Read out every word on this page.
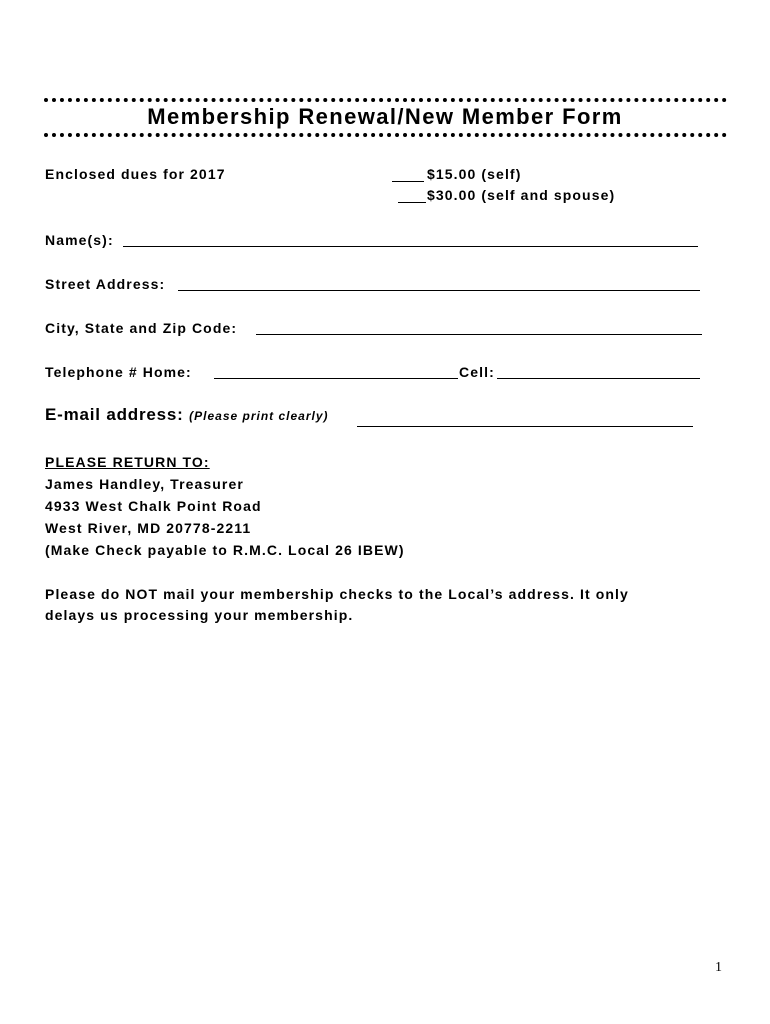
Membership Renewal/New Member Form
Enclosed dues for 2017	$15.00 (self)
$30.00 (self and spouse)
Name(s):
Street Address:
City, State and Zip Code:
Telephone # Home:	Cell:
E-mail address: (Please print clearly)
PLEASE RETURN TO:
James Handley, Treasurer
4933 West Chalk Point Road
West River, MD 20778-2211
(Make Check payable to R.M.C. Local 26 IBEW)
Please do NOT mail your membership checks to the Local’s address. It only
delays us processing your membership.
1
